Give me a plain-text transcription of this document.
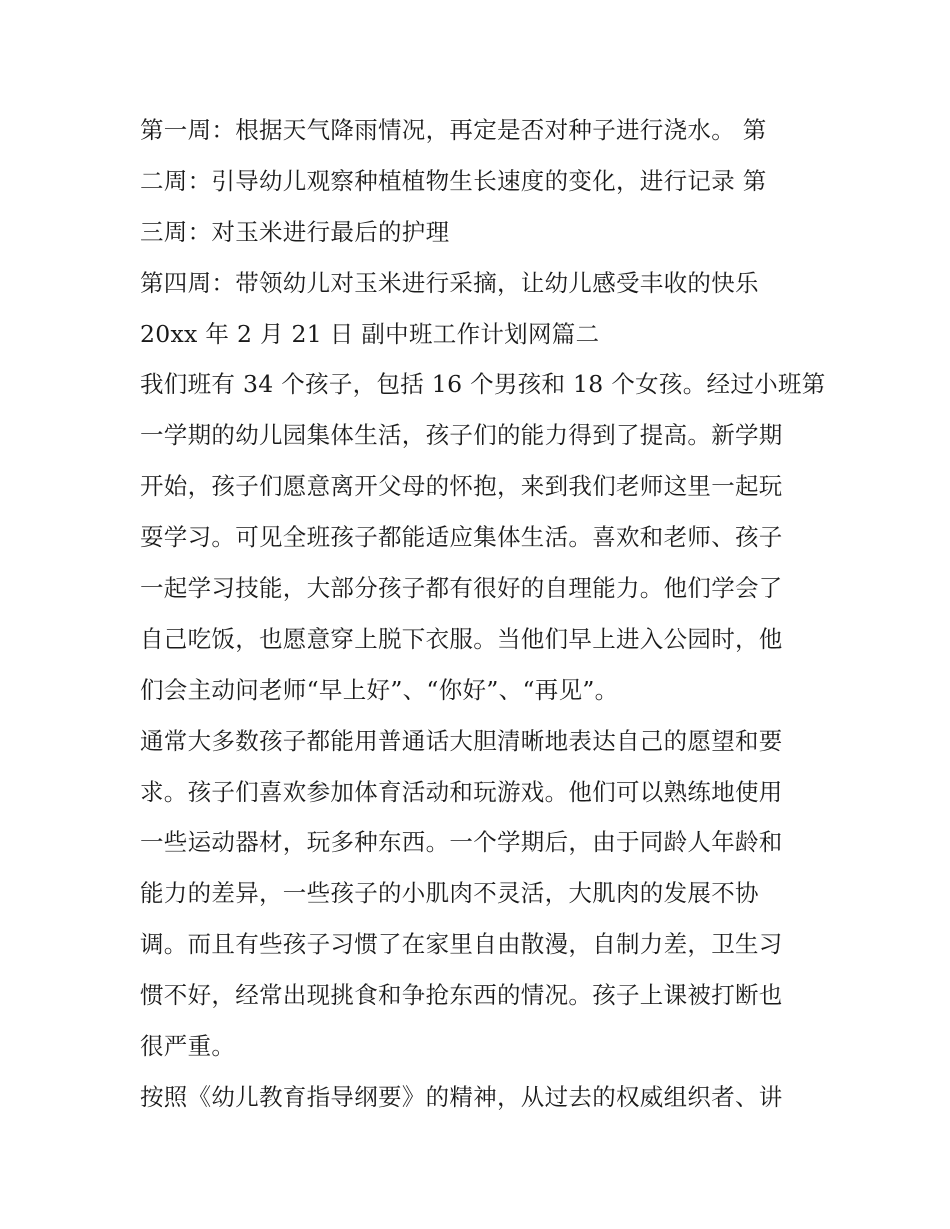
第一周：根据天气降雨情况，再定是否对种子进行浇水。 第
二周：引导幼儿观察种植植物生长速度的变化，进行记录 第
三周：对玉米进行最后的护理
第四周：带领幼儿对玉米进行采摘，让幼儿感受丰收的快乐
20xx 年 2 月 21 日 副中班工作计划网篇二
我们班有 34 个孩子，包括 16 个男孩和 18 个女孩。经过小班第
一学期的幼儿园集体生活，孩子们的能力得到了提高。新学期
开始，孩子们愿意离开父母的怀抱，来到我们老师这里一起玩
耍学习。可见全班孩子都能适应集体生活。喜欢和老师、孩子
一起学习技能，大部分孩子都有很好的自理能力。他们学会了
自己吃饭，也愿意穿上脱下衣服。当他们早上进入公园时，他
们会主动问老师“早上好”、“你好”、“再见”。
通常大多数孩子都能用普通话大胆清晰地表达自己的愿望和要
求。孩子们喜欢参加体育活动和玩游戏。他们可以熟练地使用
一些运动器材，玩多种东西。一个学期后，由于同龄人年龄和
能力的差异，一些孩子的小肌肉不灵活，大肌肉的发展不协
调。而且有些孩子习惯了在家里自由散漫，自制力差，卫生习
惯不好，经常出现挑食和争抢东西的情况。孩子上课被打断也
很严重。
按照《幼儿教育指导纲要》的精神，从过去的权威组织者、讲
